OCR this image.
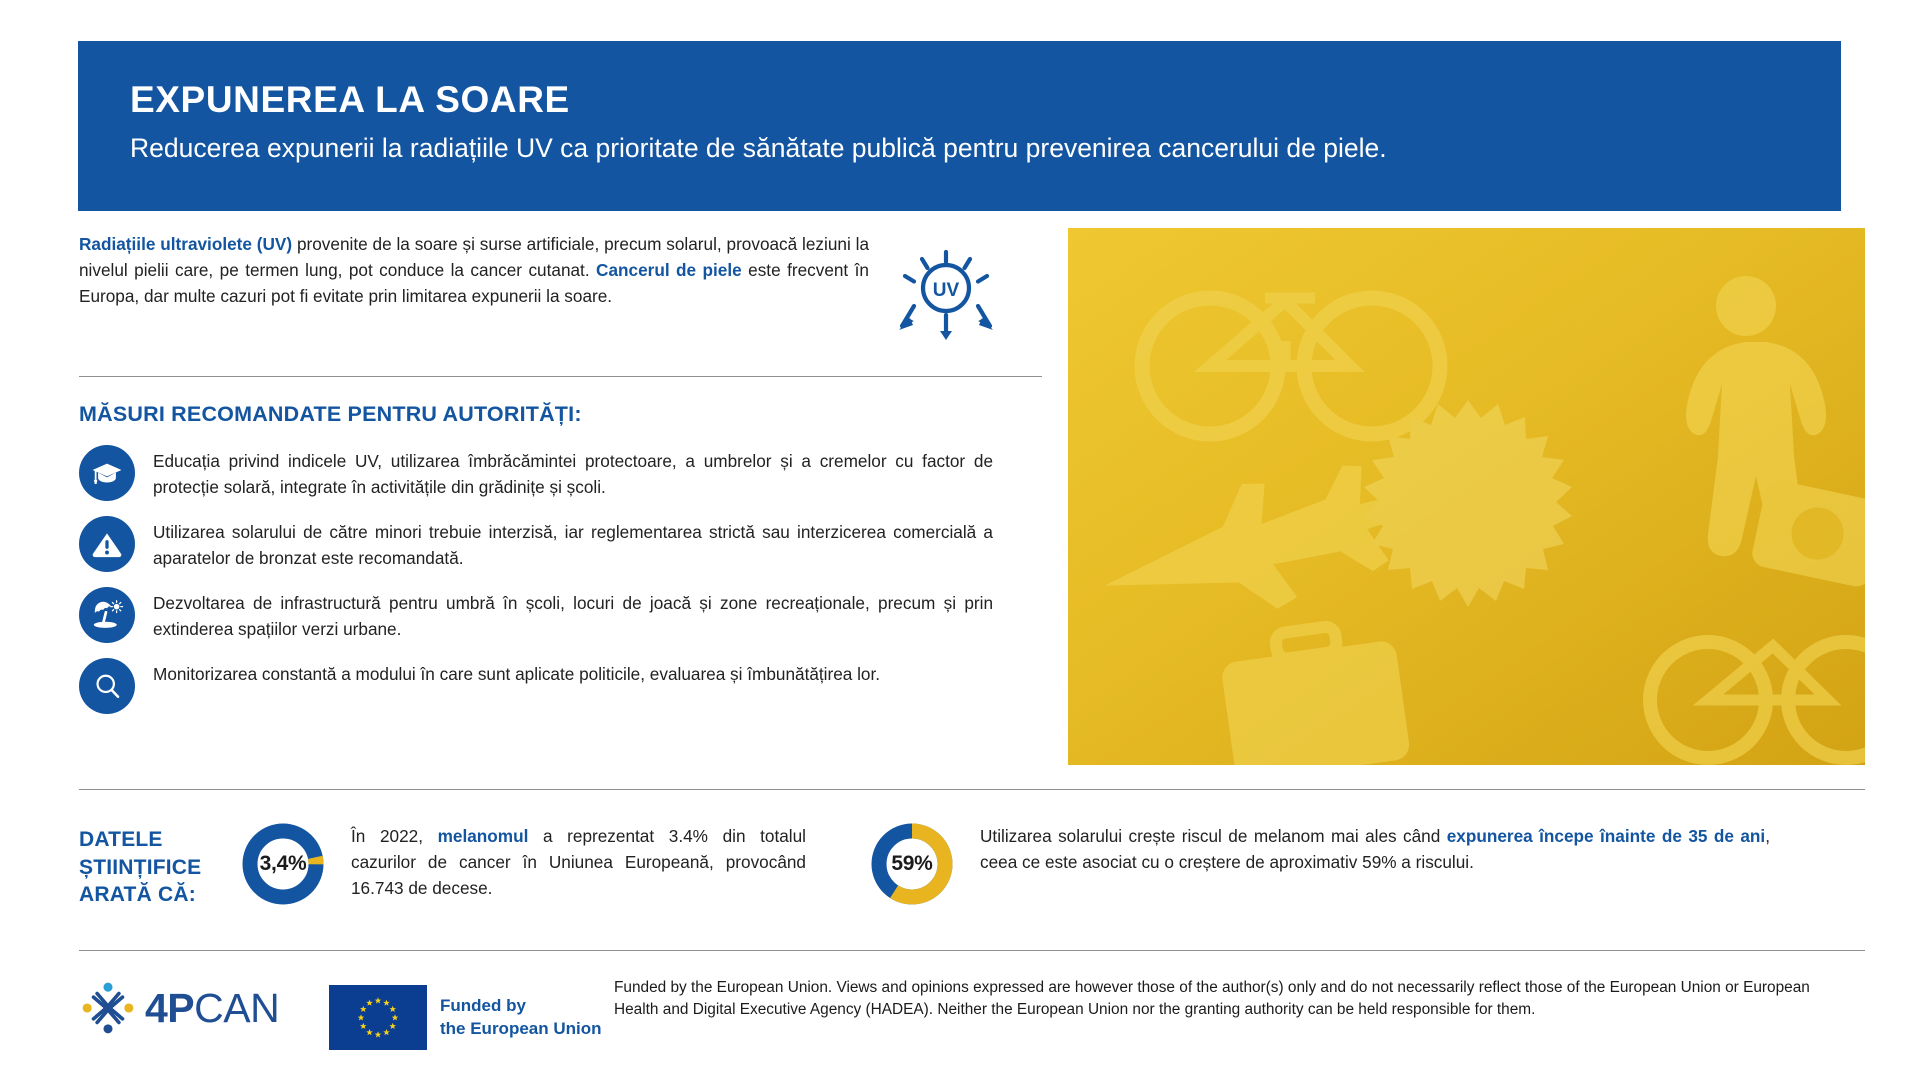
EXPUNEREA LA SOARE
Reducerea expunerii la radiațiile UV ca prioritate de sănătate publică pentru prevenirea cancerului de piele.
Radiațiile ultraviolete (UV) provenite de la soare și surse artificiale, precum solarul, provoacă leziuni la nivelul pielii care, pe termen lung, pot conduce la cancer cutanat. Cancerul de piele este frecvent în Europa, dar multe cazuri pot fi evitate prin limitarea expunerii la soare.	UV
MĂSURI RECOMANDATE PENTRU AUTORITĂȚI:
Educația privind indicele UV, utilizarea îmbrăcămintei protectoare, a umbrelor și a cremelor cu factor de protecție solară, integrate în activitățile din grădinițe și școli.
Utilizarea solarului de către minori trebuie interzisă, iar reglementarea strictă sau interzicerea comercială a aparatelor de bronzat este recomandată.
Dezvoltarea de infrastructură pentru umbră în școli, locuri de joacă și zone recreaționale, precum și prin extinderea spațiilor verzi urbane.
Monitorizarea constantă a modului în care sunt aplicate politicile, evaluarea și îmbunătățirea lor.
DATELE
ȘTIINȚIFICE
ARATĂ CĂ:
3,4%
În 2022, melanomul a reprezentat 3.4% din totalul cazurilor de cancer în Uniunea Europeană, provocând 16.743 de decese.
59%
Utilizarea solarului crește riscul de melanom mai ales când expunerea începe înainte de 35 de ani, ceea ce este asociat cu o creștere de aproximativ 59% a riscului.
4PCAN	Funded by
the European Union
Funded by the European Union. Views and opinions expressed are however those of the author(s) only and do not necessarily reflect those of the European Union or European Health and Digital Executive Agency (HADEA). Neither the European Union nor the granting authority can be held responsible for them.
